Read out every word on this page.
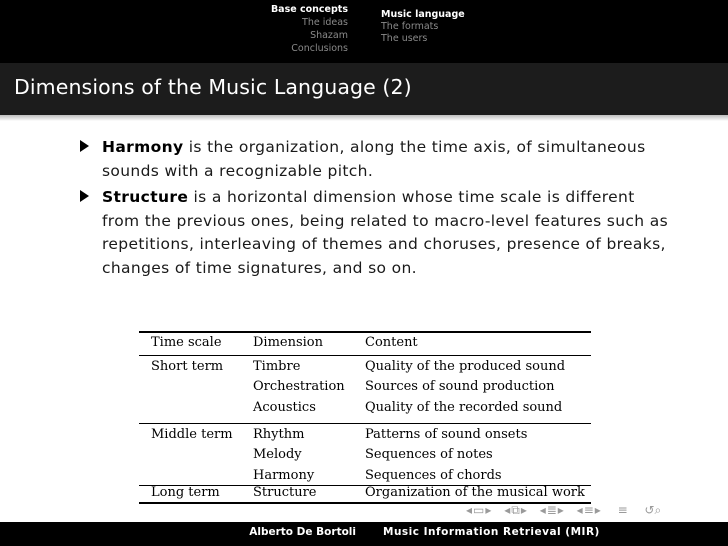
Base concepts
The ideas
Shazam
Conclusions
Music language
The formats
The users
Dimensions of the Music Language (2)
Harmony is the organization, along the time axis, of simultaneous sounds with a recognizable pitch.
Structure is a horizontal dimension whose time scale is different from the previous ones, being related to macro-level features such as repetitions, interleaving of themes and choruses, presence of breaks, changes of time signatures, and so on.
Time scale	Dimension	Content
Short term	Timbre	Quality of the produced sound
	Orchestration	Sources of sound production
	Acoustics	Quality of the recorded sound
Middle term	Rhythm	Patterns of sound onsets
	Melody	Sequences of notes
	Harmony	Sequences of chords
Long term	Structure	Organization of the musical work
◂▭▸ ◂⧉▸ ◂≣▸ ◂≡▸ ≡ ↺⌕
Alberto De Bortoli	Music Information Retrieval (MIR)
